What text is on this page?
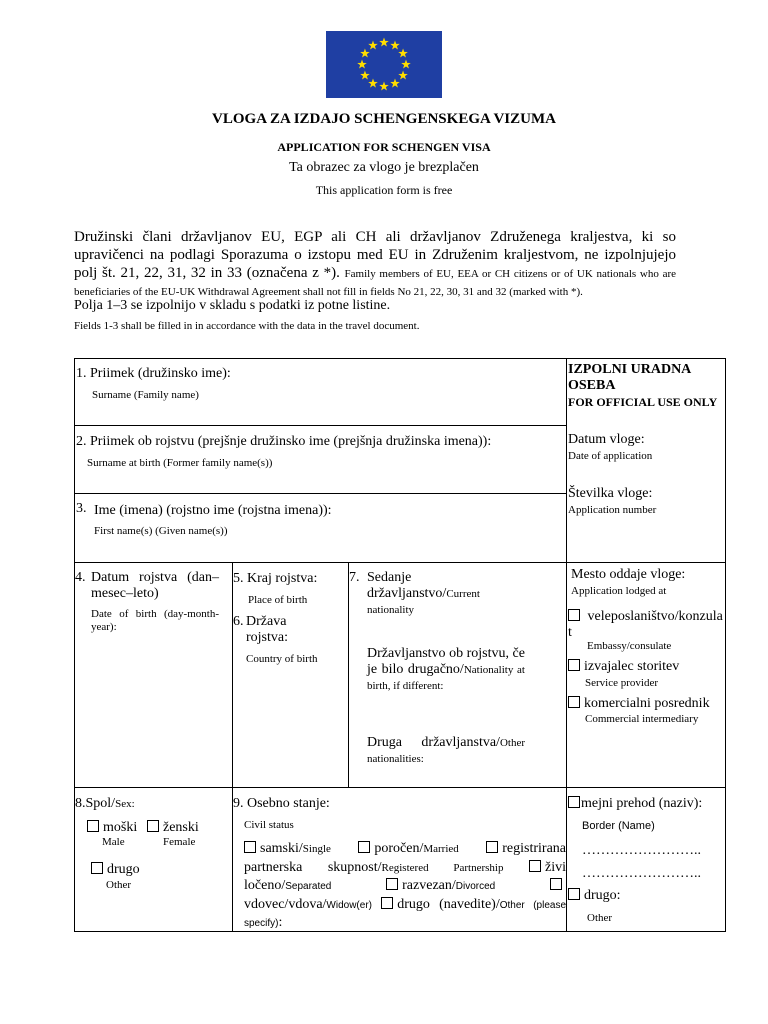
VLOGA ZA IZDAJO SCHENGENSKEGA VIZUMA
APPLICATION FOR SCHENGEN VISA
Ta obrazec za vlogo je brezplačen
This application form is free
Družinski člani državljanov EU, EGP ali CH ali državljanov Združenega kraljestva, ki so upravičenci na podlagi Sporazuma o izstopu med EU in Združenim kraljestvom, ne izpolnjujejo polj št. 21, 22, 31, 32 in 33 (označena z *). Family members of EU, EEA or CH citizens or of UK nationals who are beneficiaries of the EU-UK Withdrawal Agreement shall not fill in fields No 21, 22, 30, 31 and 32 (marked with *).
Polja 1–3 se izpolnijo v skladu s podatki iz potne listine.
Fields 1-3 shall be filled in in accordance with the data in the travel document.
1. Priimek (družinsko ime):
Surname (Family name)
2. Priimek ob rojstvu (prejšnje družinsko ime (prejšnja družinska imena)):
Surname at birth (Former family name(s))
3. Ime (imena) (rojstno ime (rojstna imena)):
First name(s) (Given name(s))
4. Datum rojstva (dan–mesec–leto)
Date of birth (day-month-year):
5. Kraj rojstva:
Place of birth
6. Država rojstva:
Country of birth
7. Sedanje državljanstvo/Current nationality
Državljanstvo ob rojstvu, če je bilo drugačno/Nationality at birth, if different:
Druga državljanstva/Other nationalities:
8.Spol/Sex:
moški
Male
ženski
Female
drugo
Other
9. Osebno stanje:
Civil status
samski/Single	poročen/Married	registrirana partnerska skupnost/Registered Partnership	živi ločeno/Separated	razvezan/Divorced  vdovec/vdova/Widow(er) drugo (navedite)/Other (please specify):
IZPOLNI URADNA OSEBA
FOR OFFICIAL USE ONLY
Datum vloge:
Date of application
Številka vloge:
Application number
Mesto oddaje vloge:
Application lodged at
veleposlaništvo/konzulat
Embassy/consulate
izvajalec storitev
Service provider
komercialni posrednik
Commercial intermediary
mejni prehod (naziv):
Border (Name)
……………………..
……………………..
drugo:
Other
